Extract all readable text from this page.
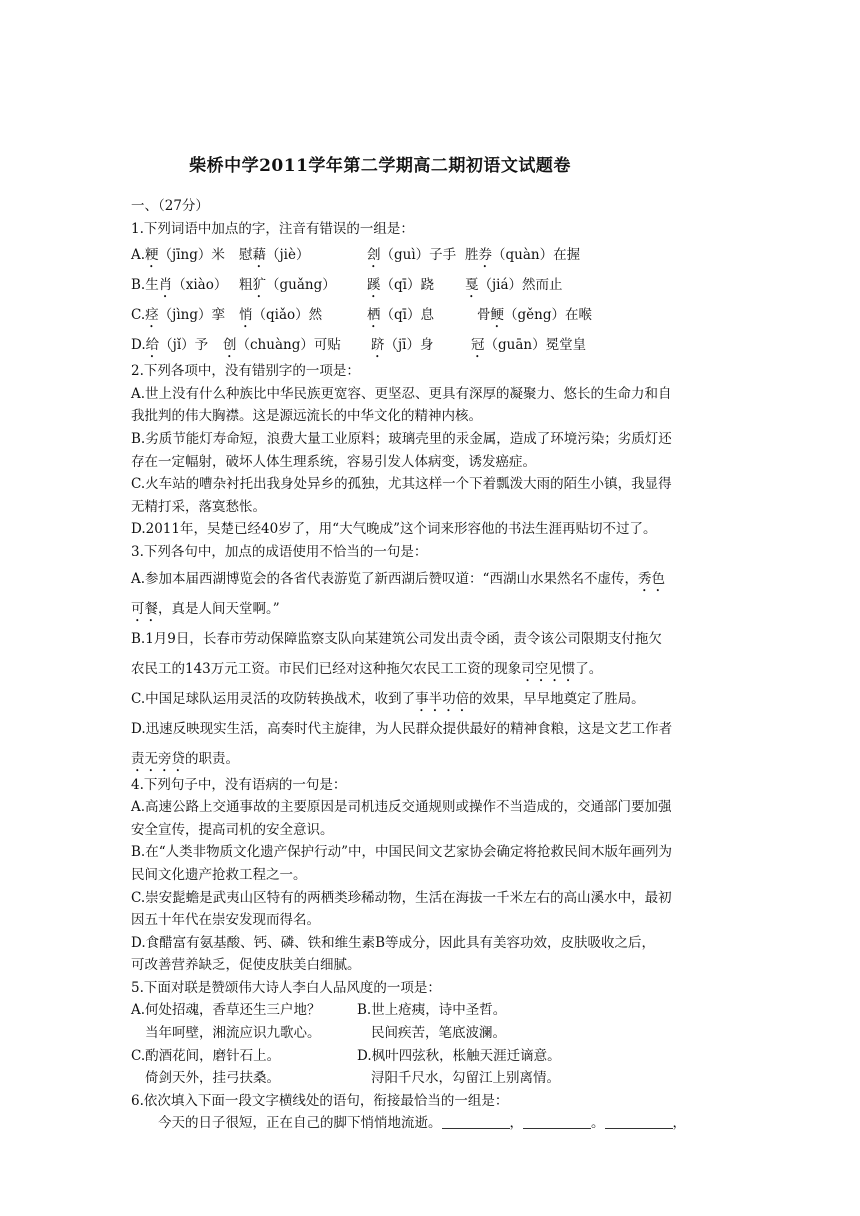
柴桥中学2011学年第二学期高二期初语文试题卷
一、（27分）
1.下列词语中加点的字，注音有错误的一组是：
A.粳（jīng）米 慰藉（jiè）	刽（guì）子手 胜券（quàn）在握
B.生肖（xiào） 粗犷（guǎng） 蹊（qī）跷 戛（jiá）然而止
C.痉（jìng）挛 悄（qiǎo）然	栖（qī）息	骨鲠（gěng）在喉
D.给（jǐ）予 创（chuàng）可贴 跻（jī）身	冠（guān）冕堂皇
2.下列各项中，没有错别字的一项是：
A.世上没有什么种族比中华民族更宽容、更坚忍、更具有深厚的凝聚力、悠长的生命力和自
我批判的伟大胸襟。这是源远流长的中华文化的精神内核。
B.劣质节能灯寿命短，浪费大量工业原料；玻璃壳里的汞金属，造成了环境污染；劣质灯还
存在一定幅射，破坏人体生理系统，容易引发人体病变，诱发癌症。
C.火车站的嘈杂衬托出我身处异乡的孤独，尤其这样一个下着瓢泼大雨的陌生小镇，我显得
无精打采，落寞愁怅。
D.2011年，吴楚已经40岁了，用“大气晚成”这个词来形容他的书法生涯再贴切不过了。
3.下列各句中，加点的成语使用不恰当的一句是：
A.参加本届西湖博览会的各省代表游览了新西湖后赞叹道：“西湖山水果然名不虚传，秀色
可餐，真是人间天堂啊。”
B.1月9日，长春市劳动保障监察支队向某建筑公司发出责令函，责令该公司限期支付拖欠
农民工的143万元工资。市民们已经对这种拖欠农民工工资的现象司空见惯了。
C.中国足球队运用灵活的攻防转换战术，收到了事半功倍的效果，早早地奠定了胜局。
D.迅速反映现实生活，高奏时代主旋律，为人民群众提供最好的精神食粮，这是文艺工作者
责无旁贷的职责。
4.下列句子中，没有语病的一句是：
A.高速公路上交通事故的主要原因是司机违反交通规则或操作不当造成的，交通部门要加强
安全宣传，提高司机的安全意识。
B.在“人类非物质文化遗产保护行动”中，中国民间文艺家协会确定将抢救民间木版年画列为
民间文化遗产抢救工程之一。
C.崇安髭蟾是武夷山区特有的两栖类珍稀动物，生活在海拔一千米左右的高山溪水中，最初
因五十年代在崇安发现而得名。
D.食醋富有氨基酸、钙、磷、铁和维生素B等成分，因此具有美容功效，皮肤吸收之后，
可改善营养缺乏，促使皮肤美白细腻。
5.下面对联是赞颂伟大诗人李白人品风度的一项是：
A.何处招魂，香草还生三户地？	B.世上疮痍，诗中圣哲。
当年呵壁，湘流应识九歌心。	民间疾苦，笔底波澜。
C.酌酒花间，磨针石上。	D.枫叶四弦秋，枨触天涯迁谪意。
倚剑天外，挂弓扶桑。	浔阳千尺水，勾留江上别离情。
6.依次填入下面一段文字横线处的语句，衔接最恰当的一组是：
今天的日子很短，正在自己的脚下悄悄地流逝。	，	。	，
